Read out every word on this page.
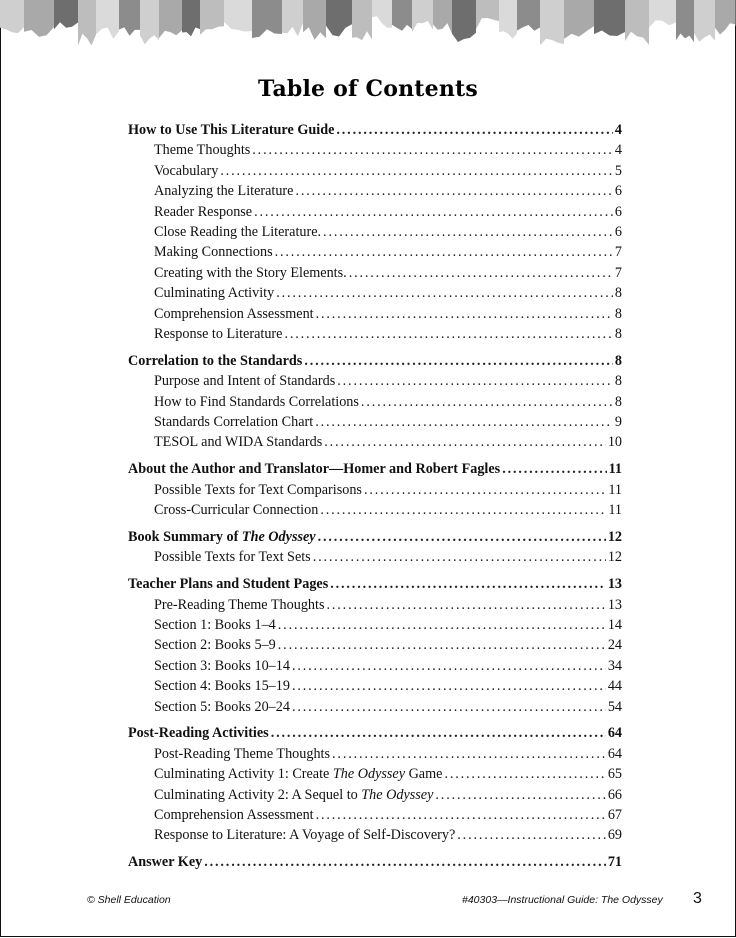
Table of Contents
How to Use This Literature Guide . . .	4
Theme Thoughts . . .	4
Vocabulary . . .	5
Analyzing the Literature . . .	6
Reader Response . . .	6
Close Reading the Literature. . . .	6
Making Connections . . .	7
Creating with the Story Elements. . . .	7
Culminating Activity . . .	8
Comprehension Assessment . . .	8
Response to Literature . . .	8
Correlation to the Standards . . .	8
Purpose and Intent of Standards . . .	8
How to Find Standards Correlations . . .	8
Standards Correlation Chart . . .	9
TESOL and WIDA Standards . . .	10
About the Author and Translator—Homer and Robert Fagles . . .	11
Possible Texts for Text Comparisons . . .	11
Cross-Curricular Connection . . .	11
Book Summary of The Odyssey . . .	12
Possible Texts for Text Sets . . .	12
Teacher Plans and Student Pages . . .	13
Pre-Reading Theme Thoughts . . .	13
Section 1: Books 1–4 . . .	14
Section 2: Books 5–9 . . .	24
Section 3: Books 10–14 . . .	34
Section 4: Books 15–19 . . .	44
Section 5: Books 20–24 . . .	54
Post-Reading Activities . . .	64
Post-Reading Theme Thoughts . . .	64
Culminating Activity 1: Create The Odyssey Game . . .	65
Culminating Activity 2: A Sequel to The Odyssey . . .	66
Comprehension Assessment . . .	67
Response to Literature: A Voyage of Self-Discovery? . . .	69
Answer Key . . .	71
© Shell Education	#40303—Instructional Guide: The Odyssey 3
